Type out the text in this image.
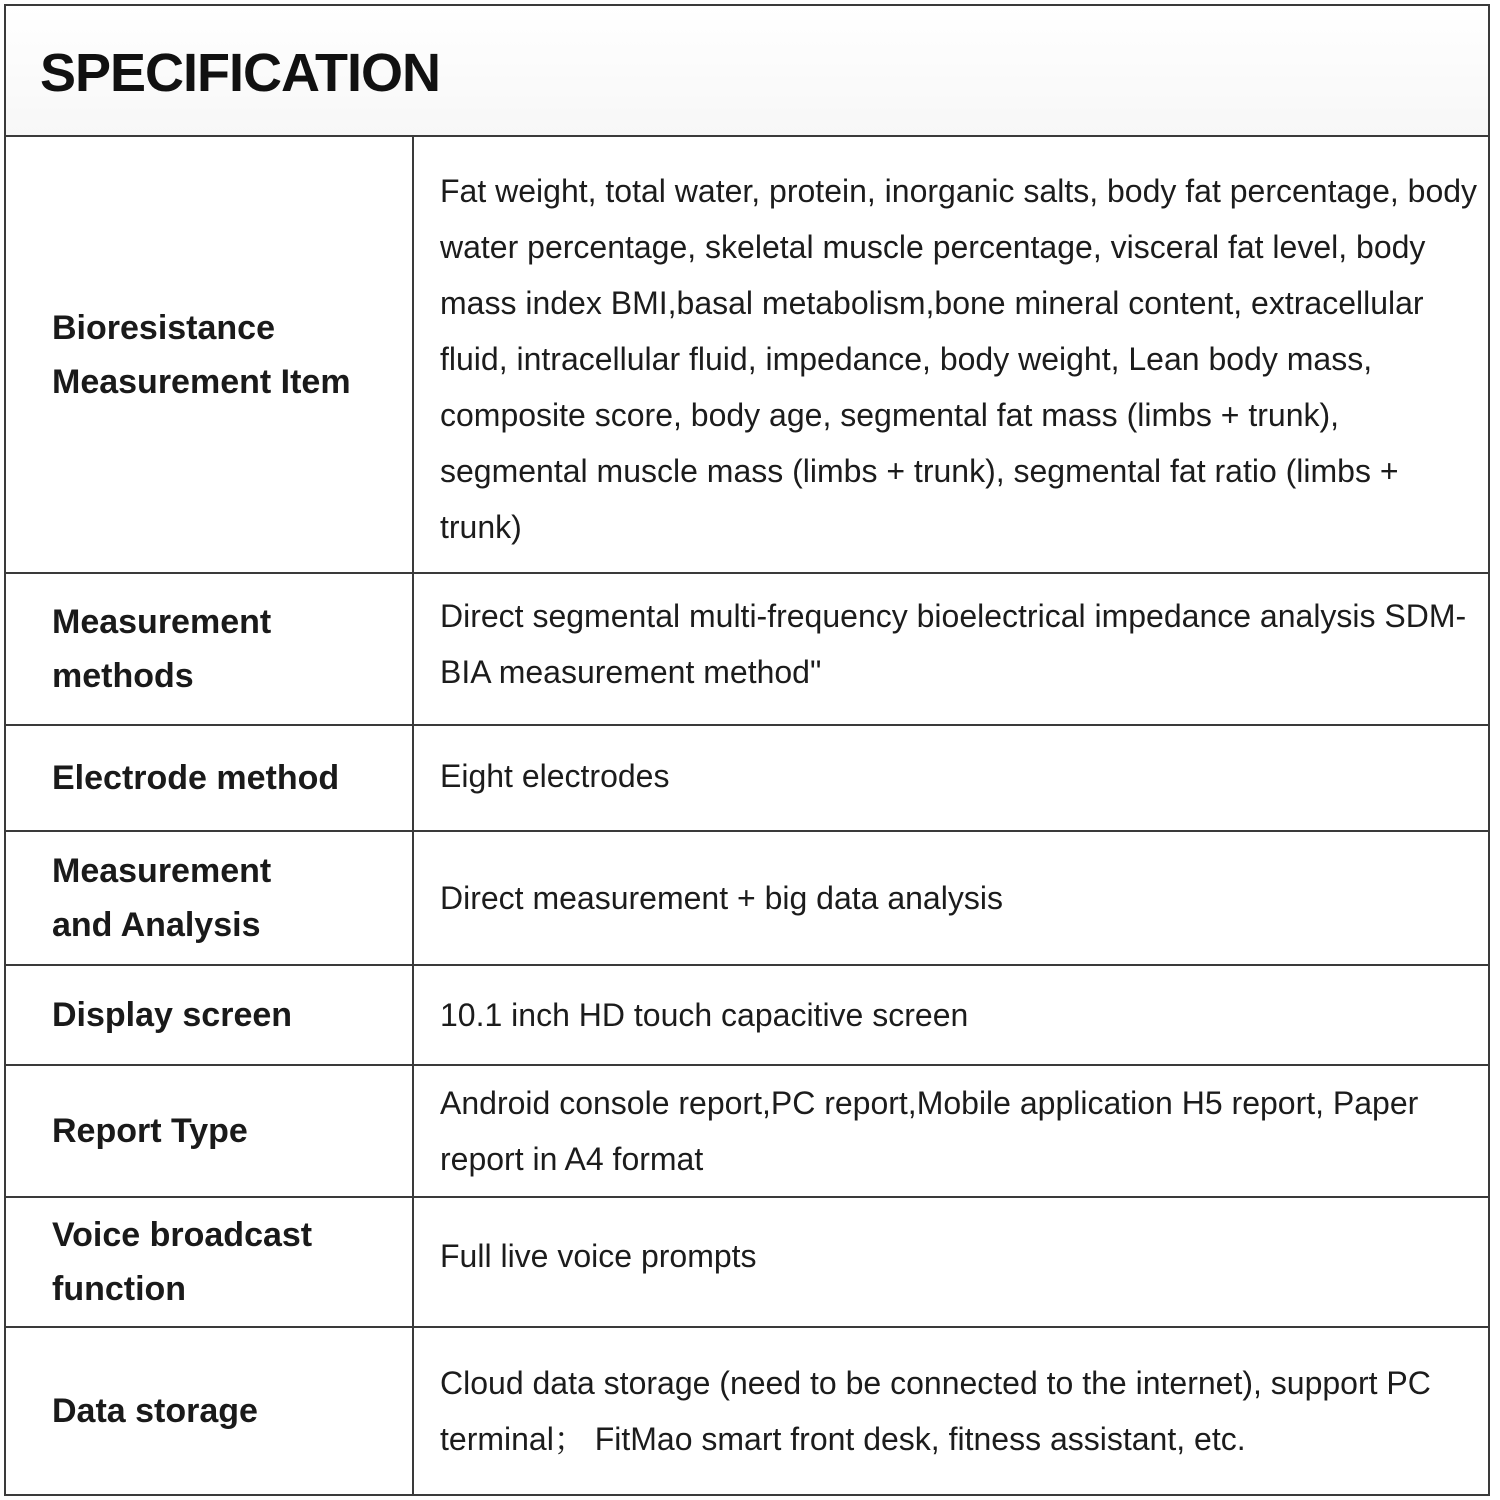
SPECIFICATION
Bioresistance
Measurement Item
Fat weight, total water, protein, inorganic salts, body fat percentage, body water percentage, skeletal muscle percentage, visceral fat level, body mass index BMI,basal metabolism,bone mineral content, extracellular fluid, intracellular fluid, impedance, body weight, Lean body mass, composite score, body age, segmental fat mass (limbs + trunk), segmental muscle mass (limbs + trunk), segmental fat ratio (limbs + trunk)
Measurement
methods
Direct segmental multi-frequency bioelectrical impedance analysis SDM-BIA measurement method"
Electrode method	Eight electrodes
Measurement
and Analysis
Direct measurement + big data analysis
Display screen	10.1 inch HD touch capacitive screen
Report Type
Android console report,PC report,Mobile application H5 report, Paper report in A4 format
Voice broadcast
function
Full live voice prompts
Data storage
Cloud data storage (need to be connected to the internet), support PC terminal； FitMao smart front desk, fitness assistant, etc.
